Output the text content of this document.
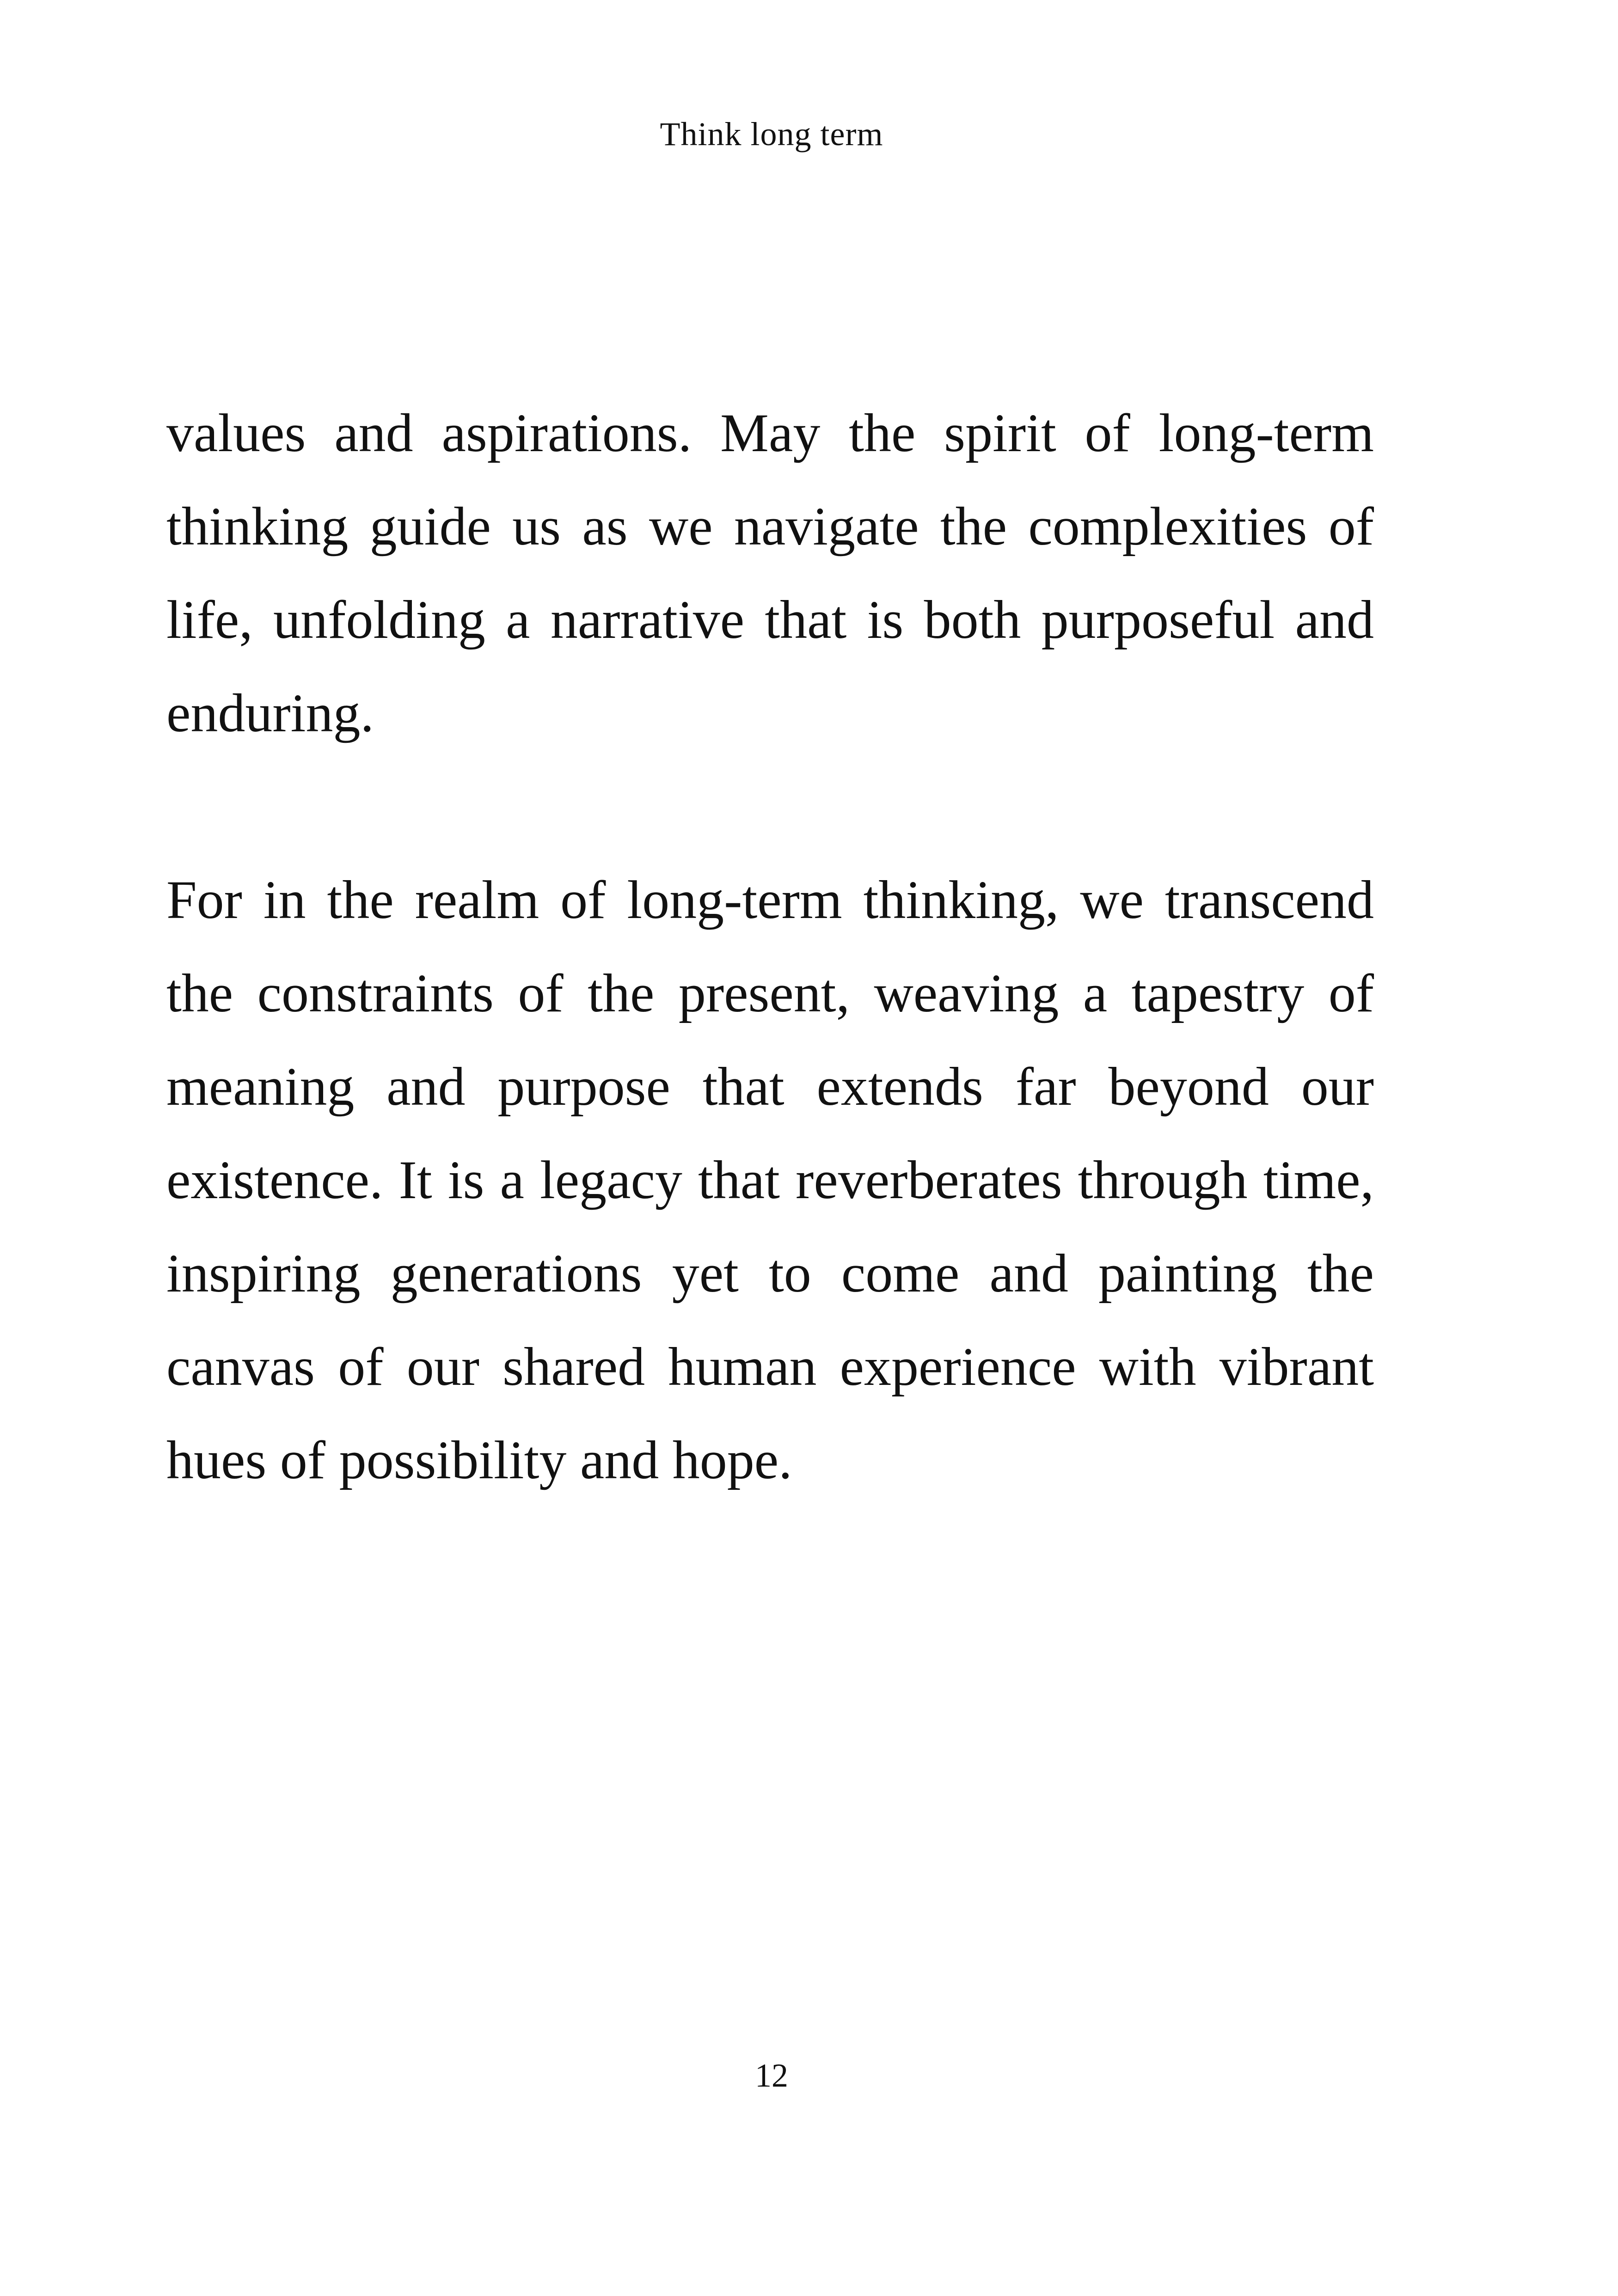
Think long term

values and aspirations. May the spirit of long-term thinking guide us as we navigate the complexities of life, unfolding a narrative that is both purposeful and enduring.

For in the realm of long-term thinking, we transcend the constraints of the present, weaving a tapestry of meaning and purpose that extends far beyond our existence. It is a legacy that reverberates through time, inspiring generations yet to come and painting the canvas of our shared human experience with vibrant hues of possibility and hope.

12
